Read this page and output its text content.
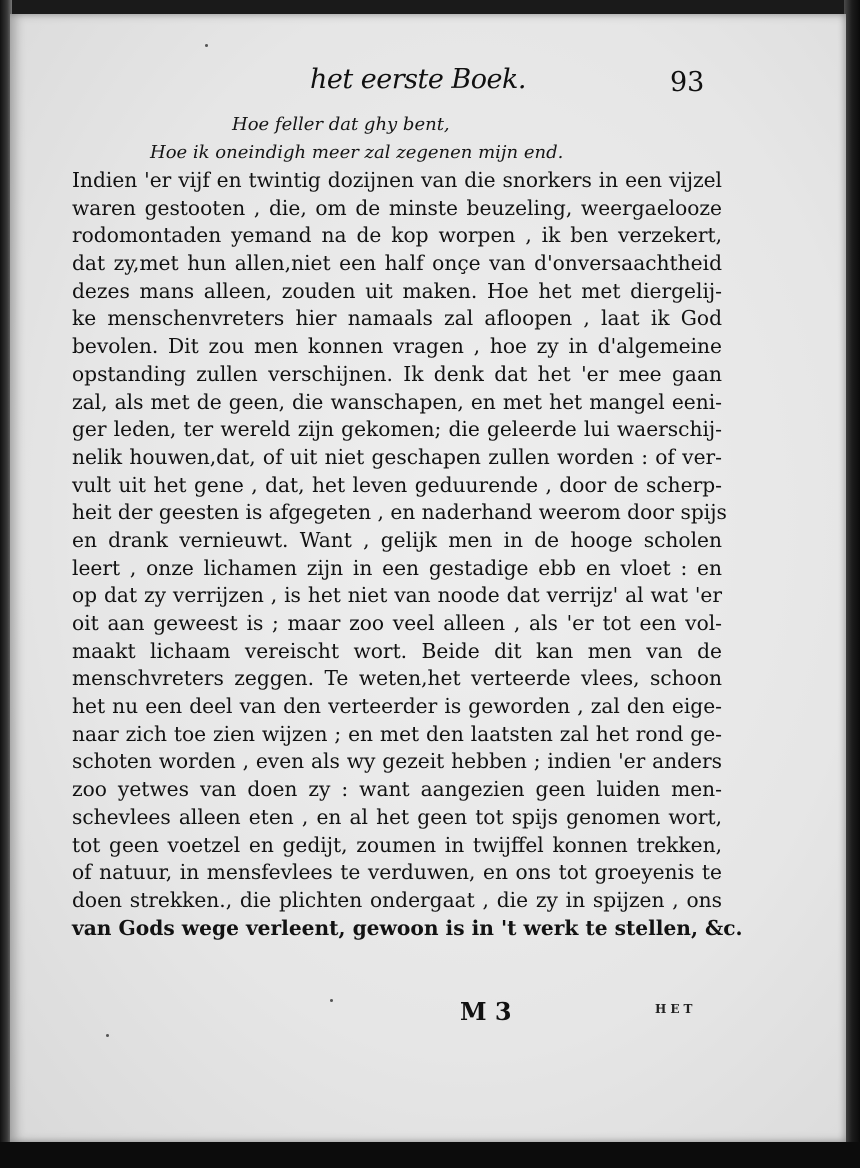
het eerste Boek.	93
Hoe feller dat ghy bent,
Hoe ik oneindigh meer zal zegenen mijn end.
Indien 'er vijf en twintig dozijnen van die snorkers in een vijzel
waren gestooten , die, om de minste beuzeling, weergaelooze
rodomontaden yemand na de kop worpen , ik ben verzekert,
dat zy,met hun allen,niet een half onçe van d'onversaachtheid
dezes mans alleen, zouden uit maken. Hoe het met diergelij-
ke menschenvreters hier namaals zal afloopen , laat ik God
bevolen. Dit zou men konnen vragen , hoe zy in d'algemeine
opstanding zullen verschijnen. Ik denk dat het 'er mee gaan
zal, als met de geen, die wanschapen, en met het mangel eeni-
ger leden, ter wereld zijn gekomen; die geleerde lui waerschij-
nelik houwen,dat, of uit niet geschapen zullen worden : of ver-
vult uit het gene , dat, het leven geduurende , door de scherp-
heit der geesten is afgegeten , en naderhand weerom door spijs
en drank vernieuwt. Want , gelijk men in de hooge scholen
leert , onze lichamen zijn in een gestadige ebb en vloet : en
op dat zy verrijzen , is het niet van noode dat verrijz' al wat 'er
oit aan geweest is ; maar zoo veel alleen , als 'er tot een vol-
maakt lichaam vereischt wort. Beide dit kan men van de
menschvreters zeggen. Te weten,het verteerde vlees, schoon
het nu een deel van den verteerder is geworden , zal den eige-
naar zich toe zien wijzen ; en met den laatsten zal het rond ge-
schoten worden , even als wy gezeit hebben ; indien 'er anders
zoo yetwes van doen zy : want aangezien geen luiden men-
schevlees alleen eten , en al het geen tot spijs genomen wort,
tot geen voetzel en gedijt, zoumen in twijffel konnen trekken,
of natuur, in mensfevlees te verduwen, en ons tot groeyenis te
doen strekken., die plichten ondergaat , die zy in spijzen , ons
van Gods wege verleent, gewoon is in 't werk te stellen, &c.
M 3	HET
